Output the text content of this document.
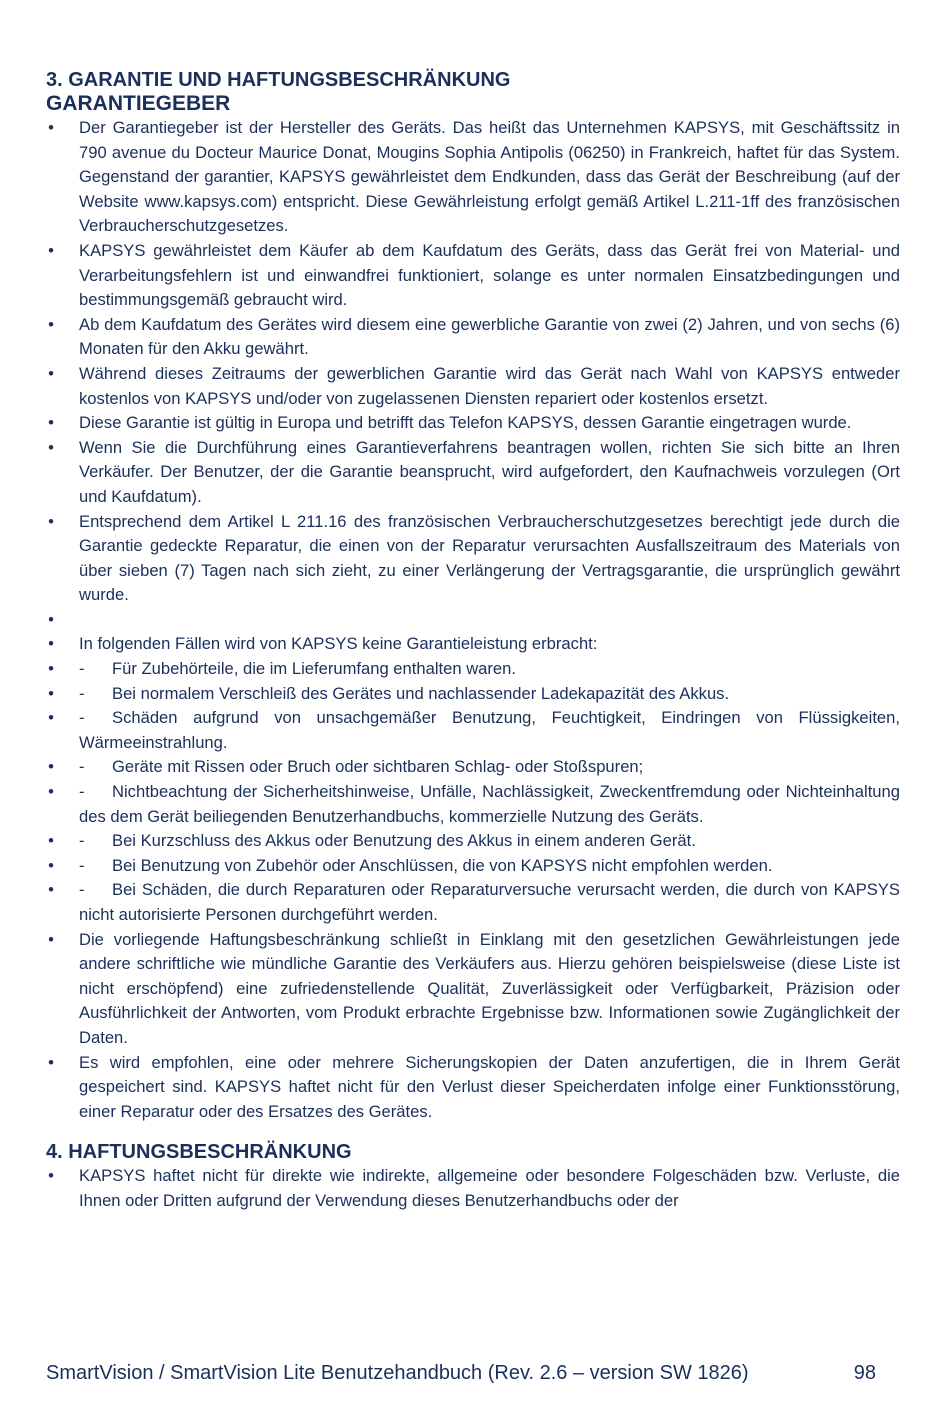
3. GARANTIE UND HAFTUNGSBESCHRÄNKUNG
GARANTIEGEBER
• Der Garantiegeber ist der Hersteller des Geräts. Das heißt das Unternehmen KAPSYS, mit Geschäftssitz in 790 avenue du Docteur Maurice Donat, Mougins Sophia Antipolis (06250) in Frankreich, haftet für das System. Gegenstand der garantier, KAPSYS gewährleistet dem Endkunden, dass das Gerät der Beschreibung (auf der Website www.kapsys.com) entspricht. Diese Gewährleistung erfolgt gemäß Artikel L.211-1ff des französischen Verbraucherschutzgesetzes.
• KAPSYS gewährleistet dem Käufer ab dem Kaufdatum des Geräts, dass das Gerät frei von Material- und Verarbeitungsfehlern ist und einwandfrei funktioniert, solange es unter normalen Einsatzbedingungen und bestimmungsgemäß gebraucht wird.
• Ab dem Kaufdatum des Gerätes wird diesem eine gewerbliche Garantie von zwei (2) Jahren, und von sechs (6) Monaten für den Akku gewährt.
• Während dieses Zeitraums der gewerblichen Garantie wird das Gerät nach Wahl von KAPSYS entweder kostenlos von KAPSYS und/oder von zugelassenen Diensten repariert oder kostenlos ersetzt.
• Diese Garantie ist gültig in Europa und betrifft das Telefon KAPSYS, dessen Garantie eingetragen wurde.
• Wenn Sie die Durchführung eines Garantieverfahrens beantragen wollen, richten Sie sich bitte an Ihren Verkäufer. Der Benutzer, der die Garantie beansprucht, wird aufgefordert, den Kaufnachweis vorzulegen (Ort und Kaufdatum).
• Entsprechend dem Artikel L 211.16 des französischen Verbraucherschutzgesetzes berechtigt jede durch die Garantie gedeckte Reparatur, die einen von der Reparatur verursachten Ausfallszeitraum des Materials von über sieben (7) Tagen nach sich zieht, zu einer Verlängerung der Vertragsgarantie, die ursprünglich gewährt wurde.
•
• In folgenden Fällen wird von KAPSYS keine Garantieleistung erbracht:
• - Für Zubehörteile, die im Lieferumfang enthalten waren.
• - Bei normalem Verschleiß des Gerätes und nachlassender Ladekapazität des Akkus.
• - Schäden aufgrund von unsachgemäßer Benutzung, Feuchtigkeit, Eindringen von Flüssigkeiten, Wärmeeinstrahlung.
• - Geräte mit Rissen oder Bruch oder sichtbaren Schlag- oder Stoßspuren;
• - Nichtbeachtung der Sicherheitshinweise, Unfälle, Nachlässigkeit, Zweckentfremdung oder Nichteinhaltung des dem Gerät beiliegenden Benutzerhandbuchs, kommerzielle Nutzung des Geräts.
• - Bei Kurzschluss des Akkus oder Benutzung des Akkus in einem anderen Gerät.
• - Bei Benutzung von Zubehör oder Anschlüssen, die von KAPSYS nicht empfohlen werden.
• - Bei Schäden, die durch Reparaturen oder Reparaturversuche verursacht werden, die durch von KAPSYS nicht autorisierte Personen durchgeführt werden.
• Die vorliegende Haftungsbeschränkung schließt in Einklang mit den gesetzlichen Gewährleistungen jede andere schriftliche wie mündliche Garantie des Verkäufers aus. Hierzu gehören beispielsweise (diese Liste ist nicht erschöpfend) eine zufriedenstellende Qualität, Zuverlässigkeit oder Verfügbarkeit, Präzision oder Ausführlichkeit der Antworten, vom Produkt erbrachte Ergebnisse bzw. Informationen sowie Zugänglichkeit der Daten.
• Es wird empfohlen, eine oder mehrere Sicherungskopien der Daten anzufertigen, die in Ihrem Gerät gespeichert sind. KAPSYS haftet nicht für den Verlust dieser Speicherdaten infolge einer Funktionsstörung, einer Reparatur oder des Ersatzes des Gerätes.
4. HAFTUNGSBESCHRÄNKUNG
• KAPSYS haftet nicht für direkte wie indirekte, allgemeine oder besondere Folgeschäden bzw. Verluste, die Ihnen oder Dritten aufgrund der Verwendung dieses Benutzerhandbuchs oder der
SmartVision / SmartVision Lite Benutzehandbuch (Rev. 2.6 – version SW 1826)	98
